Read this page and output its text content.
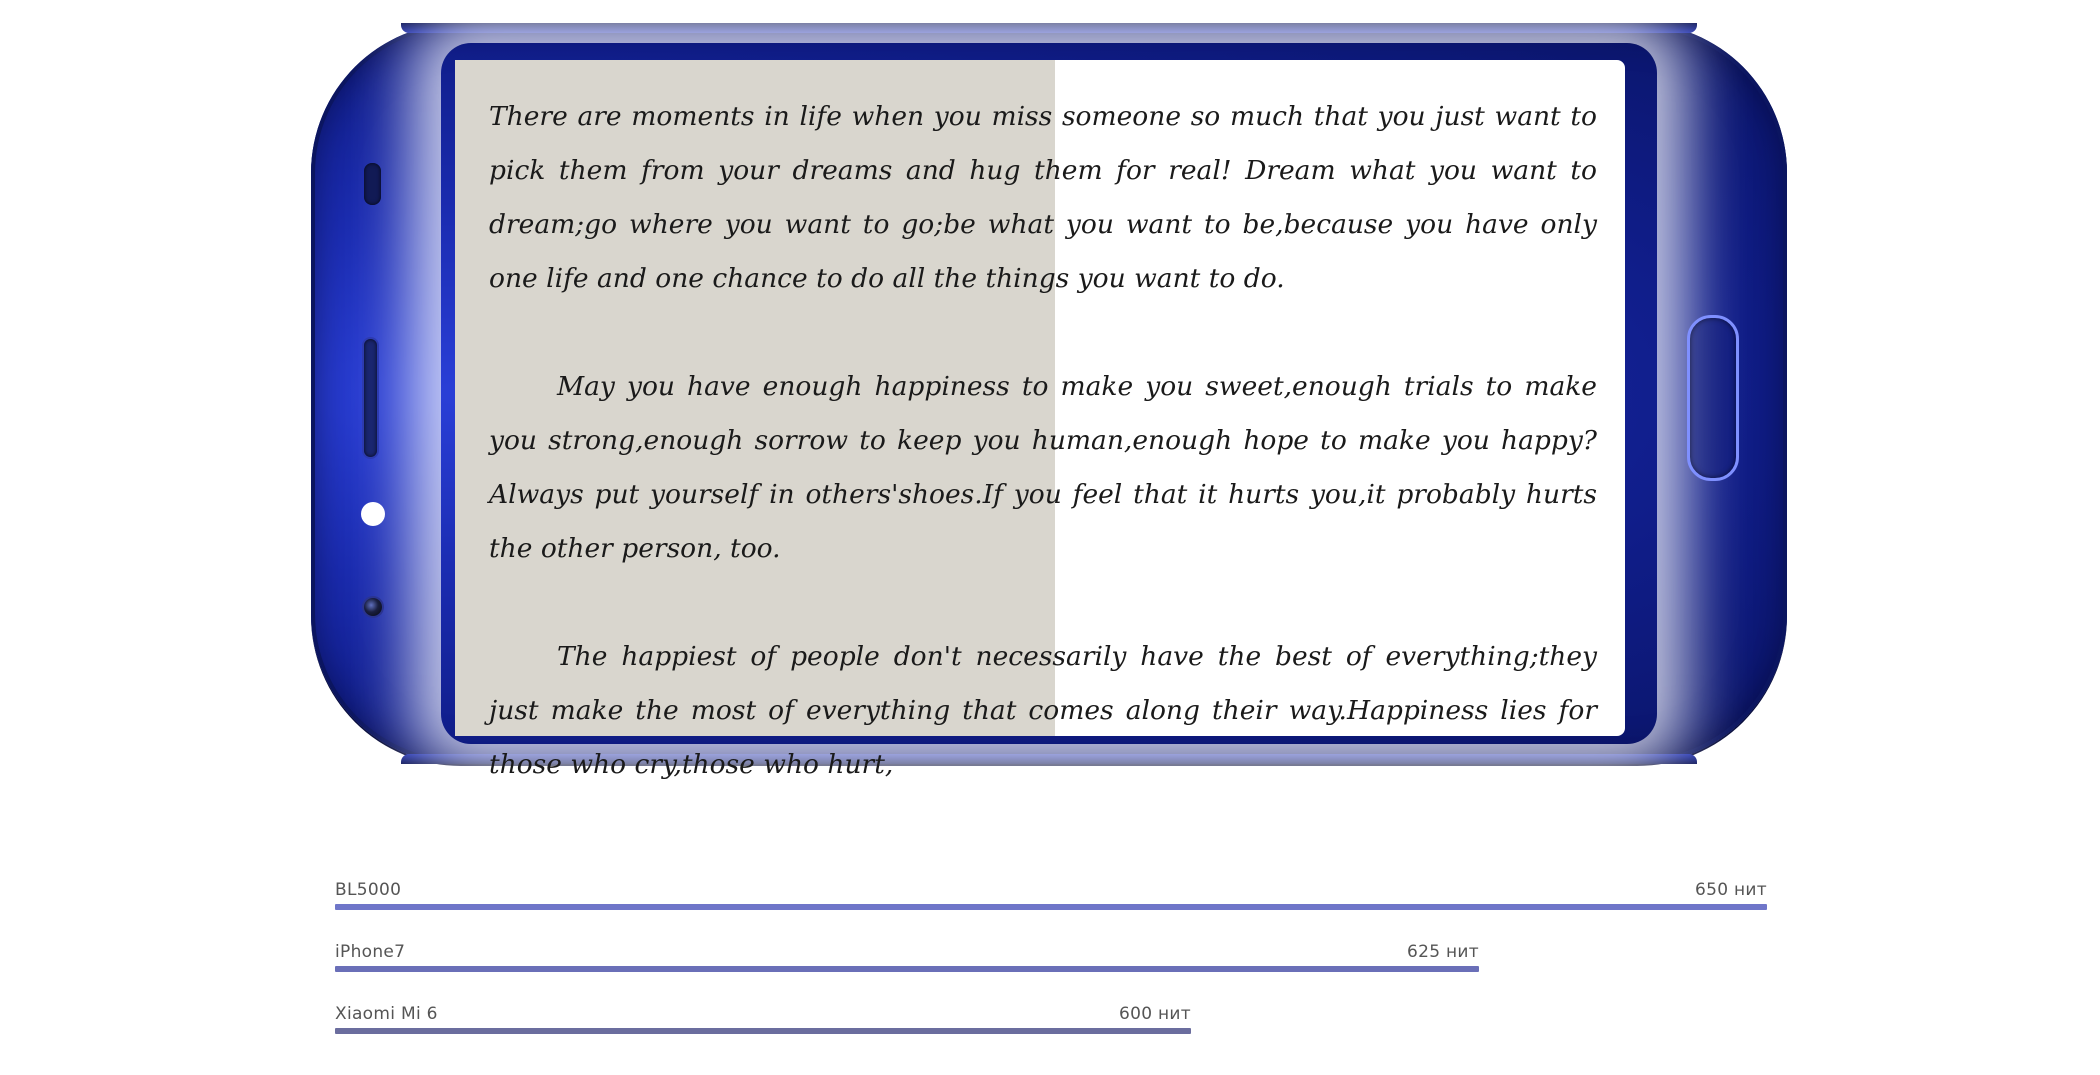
There are moments in life when you miss someone so much that you just want to pick them from your dreams and hug them for real! Dream what you want to dream;go where you want to go;be what you want to be,because you have only one life and one chance to do all the things you want to do.

May you have enough happiness to make you sweet,enough trials to make you strong,enough sorrow to keep you human,enough hope to make you happy? Always put yourself in others'shoes.If you feel that it hurts you,it probably hurts the other person, too.

The happiest of people don't necessarily have the best of everything;they just make the most of everything that comes along their way.Happiness lies for those who cry,those who hurt,

BL5000	650 нит
iPhone7	625 нит
Xiaomi Mi 6	600 нит
